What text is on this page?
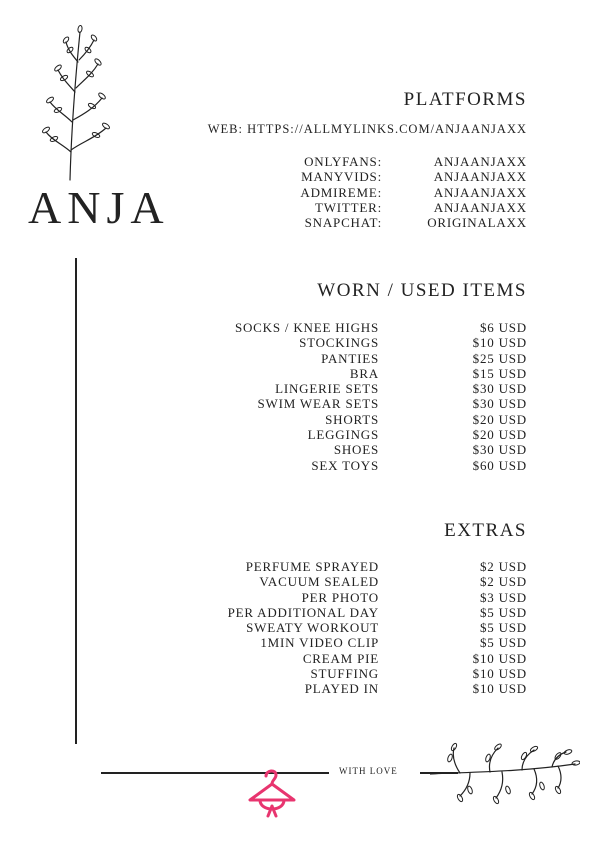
ANJA
PLATFORMS
WEB: HTTPS://ALLMYLINKS.COM/ANJAANJAXX
ONLYFANS:
MANYVIDS:
ADMIREME:
TWITTER:
SNAPCHAT:
ANJAANJAXX
ANJAANJAXX
ANJAANJAXX
ANJAANJAXX
ORIGINALAXX
WORN / USED ITEMS
SOCKS / KNEE HIGHS
STOCKINGS
PANTIES
BRA
LINGERIE SETS
SWIM WEAR SETS
SHORTS
LEGGINGS
SHOES
SEX TOYS
$6 USD
$10 USD
$25 USD
$15 USD
$30 USD
$30 USD
$20 USD
$20 USD
$30 USD
$60 USD
EXTRAS
PERFUME SPRAYED
VACUUM SEALED
PER PHOTO
PER ADDITIONAL DAY
SWEATY WORKOUT
1MIN VIDEO CLIP
CREAM PIE
STUFFING
PLAYED IN
$2 USD
$2 USD
$3 USD
$5 USD
$5 USD
$5 USD
$10 USD
$10 USD
$10 USD
WITH LOVE
